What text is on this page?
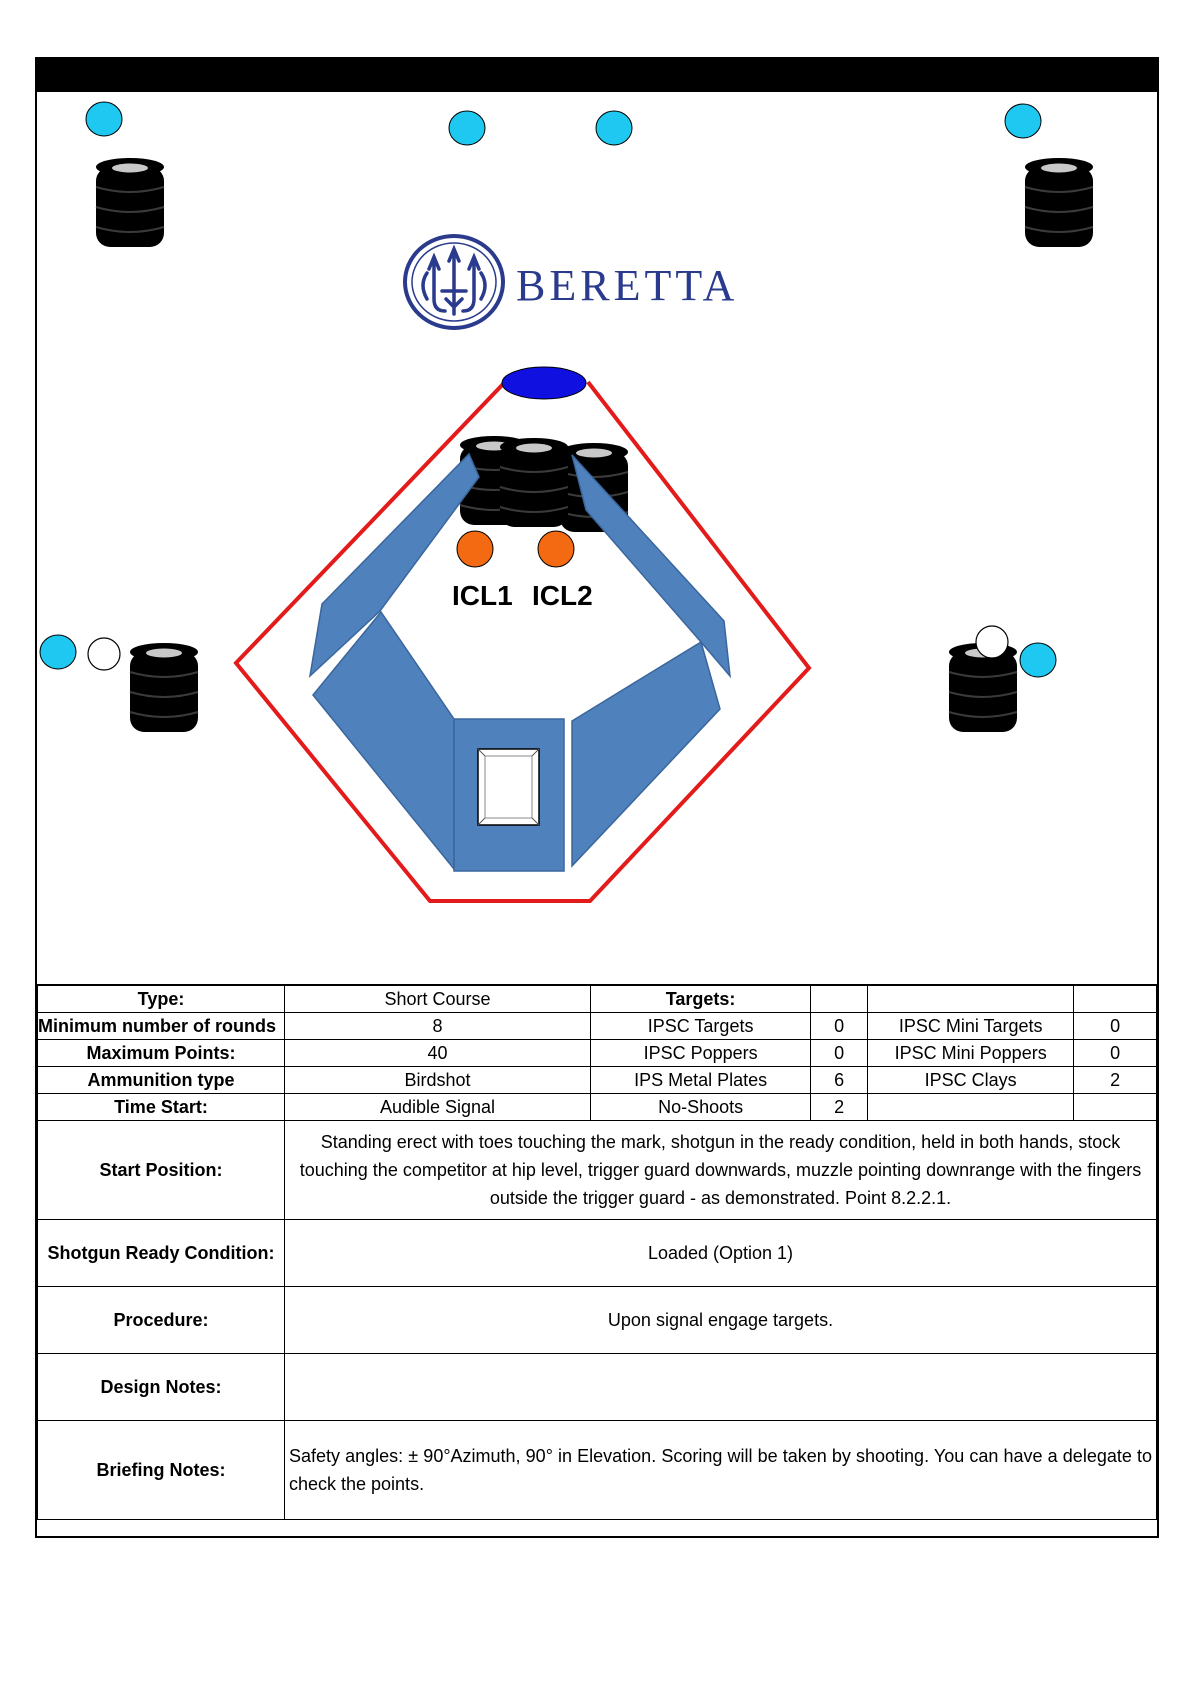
BERETTA
ICL1 ICL2
Type:	Short Course	Targets:			
Minimum number of rounds	8	IPSC Targets	0	IPSC Mini Targets	0
Maximum Points:	40	IPSC Poppers	0	IPSC Mini Poppers	0
Ammunition type	Birdshot	IPS Metal Plates	6	IPSC Clays	2
Time Start:	Audible Signal	No-Shoots	2		
Start Position:	Standing erect with toes touching the mark, shotgun in the ready condition, held in both hands, stock touching the competitor at hip level, trigger guard downwards, muzzle pointing downrange with the fingers outside the trigger guard - as demonstrated. Point 8.2.2.1.				
Shotgun Ready Condition:	Loaded (Option 1)				
Procedure:	Upon signal engage targets.				
Design Notes:					
Briefing Notes:	Safety angles: ± 90°Azimuth, 90° in Elevation. Scoring will be taken by shooting. You can have a delegate to check the points.				
